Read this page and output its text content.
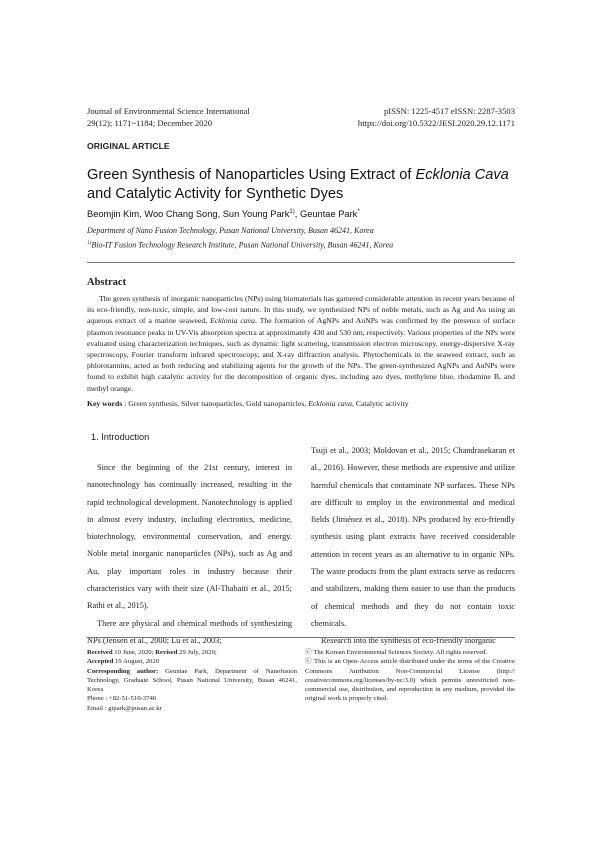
Journal of Environmental Science International
29(12); 1171~1184; December 2020
pISSN: 1225-4517 eISSN: 2287-3503
https://doi.org/10.5322/JESI.2020.29.12.1171
ORIGINAL ARTICLE
Green Synthesis of Nanoparticles Using Extract of Ecklonia Cava
and Catalytic Activity for Synthetic Dyes
Beomjin Kim, Woo Chang Song, Sun Young Park$^{1)}$, Geuntae Park*
Department of Nano Fusion Technology, Pusan National University, Busan 46241, Korea
$^{1)}$Bio-IT Fusion Technology Research Institute, Pusan National University, Busan 46241, Korea
Abstract

The green synthesis of inorganic nanoparticles (NPs) using biomaterials has garnered considerable attention in recent years because of its eco-friendly, non-toxic, simple, and low-cost nature. In this study, we synthesized NPs of noble metals, such as Ag and Au using an aqueous extract of a marine seaweed, Ecklonia cava. The formation of AgNPs and AuNPs was confirmed by the presence of surface plasmon resonance peaks in UV-Vis absorption spectra at approximately 430 and 530 nm, respectively. Various properties of the NPs were evaluated using characterization techniques, such as dynamic light scattering, transmission electron microscopy, energy-dispersive X-ray spectroscopy, Fourier transform infrared spectroscopy, and X-ray diffraction analysis. Phytochemicals in the seaweed extract, such as phlorotannins, acted as both reducing and stabilizing agents for the growth of the NPs. The green-synthesized AgNPs and AuNPs were found to exhibit high catalytic activity for the decomposition of organic dyes, including azo dyes, methylene blue, rhodamine B, and methyl orange.

Key words : Green synthesis, Silver nanoparticles, Gold nanoparticles, Ecklonia cava, Catalytic activity
1. Introduction

Since the beginning of the 21st century, interest in nanotechnology has continually increased, resulting in the rapid technological development. Nanotechnology is applied in almost every industry, including electronics, medicine, biotechnology, environmental conservation, and energy. Noble metal inorganic nanoparticles (NPs), such as Ag and Au, play important roles in industry because their characteristics vary with their size (Al-Thabaiti et al., 2015; Rathi et al., 2015).

There are physical and chemical methods of synthesizing NPs (Jensen et al., 2000; Lu et al., 2003;

Tsuji et al., 2003; Moldovan et al., 2015; Chandrasekaran et al., 2016). However, these methods are expensive and utilize harmful chemicals that contaminate NP surfaces. These NPs are difficult to employ in the environmental and medical fields (Jiménez et al., 2018). NPs produced by eco-friendly synthesis using plant extracts have received considerable attention in recent years as an alternative to in organic NPs. The waste products from the plant extracts serve as reducers and stabilizers, making them easier to use than the products of chemical methods and they do not contain toxic chemicals.

Research into the synthesis of eco-friendly inorganic

Received 10 June, 2020; Revised 29 July, 2020;
Accepted 19 August, 2020
Corresponding author: Geuntae Park, Department of Nanofusion Technology, Graduate School, Pusan National University, Busan 46241, Korea
Phone : +82-51-510-3740
Email : gtpark@pusan.ac.kr
ⓒ The Korean Environmental Sciences Society. All rights reserved.
ⓒ This is an Open-Access article distributed under the terms of the Creative Commons Attribution Non-Commercial License (http:// creativecommons.org/licenses/by-nc/3.0) which permits unrestricted non-commercial use, distribution, and reproduction in any medium, provided the original work is properly cited.
